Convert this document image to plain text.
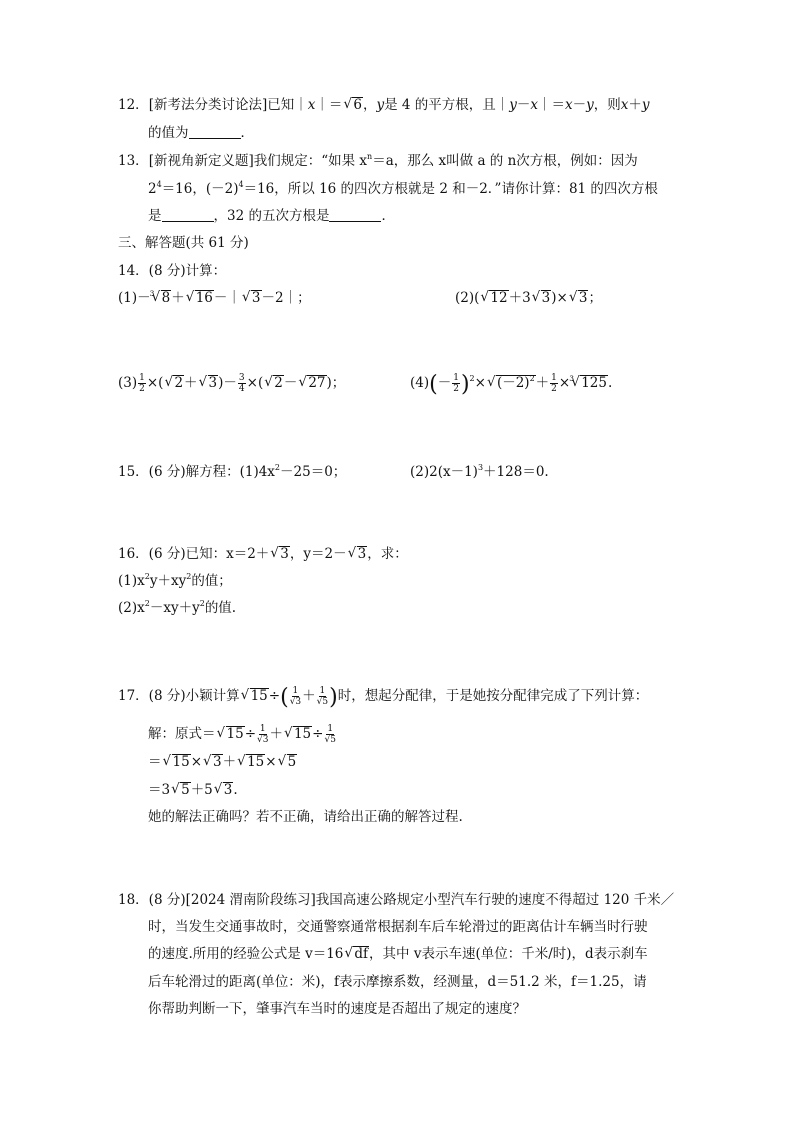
12．[新考法分类讨论法]已知｜x｜＝√ 6，y是 4 的平方根，且｜y－x｜＝x－y，则x＋y
的值为	．
13．[新视角新定义题]我们规定：“如果 $x^n=a$，那么 x叫做 a 的 n次方根，例如：因为
$2^4=16$，$(-2)^4=16$，所以 16 的四次方根就是 2 和－2．”请你计算：81 的四次方根
是	，32 的五次方根是	．
三、解答题(共 61 分)
14．(8 分)计算：
(1)－
√ 3 8＋√ 16－｜√ 3－2｜；	(2)(√ 12＋3√ 3)×√ 3；
$(3) \frac{1}{2}$ ×(√ 2＋√ $3)- \frac{3}{4}$ ×(√ 2－√ 27)；	$(4)(- \frac{1}{2} )^2\times√$ $(-2)^2+ \frac{1}{2}$ ×
√ 3 125.
15．(6 分)解方程：$(1)4x^2-25=0$；	$(2)2(x-1)^3+128=0$.
16．(6 分)已知：x＝2＋√ 3，y＝2－√ 3，求：
$(1)x^2y+xy^2$的值；
$(2)x^2-xy+y^2$的值.
17．(8 分)小颖计算√ $15\div( \frac{1}{√3} + \frac{1}{√5}$ )时，想起分配律，于是她按分配律完成了下列计算：
解：原式＝√ $15\div \frac{1}{√3}$ ＋√ $15\div \frac{1}{√5}$
＝√ 15×√ 3＋√ 15×√ 5
＝3√ 5＋5√ 3.
她的解法正确吗？若不正确，请给出正确的解答过程.
18．(8 分)[2024 渭南阶段练习]我国高速公路规定小型汽车行驶的速度不得超过 120 千米／
时，当发生交通事故时，交通警察通常根据刹车后车轮滑过的距离估计车辆当时行驶
的速度.所用的经验公式是 v＝16√ df，其中 v表示车速(单位：千米/时)，d表示刹车
后车轮滑过的距离(单位：米)，f表示摩擦系数，经测量，d＝51.2 米，f＝1.25，请
你帮助判断一下，肇事汽车当时的速度是否超出了规定的速度？
